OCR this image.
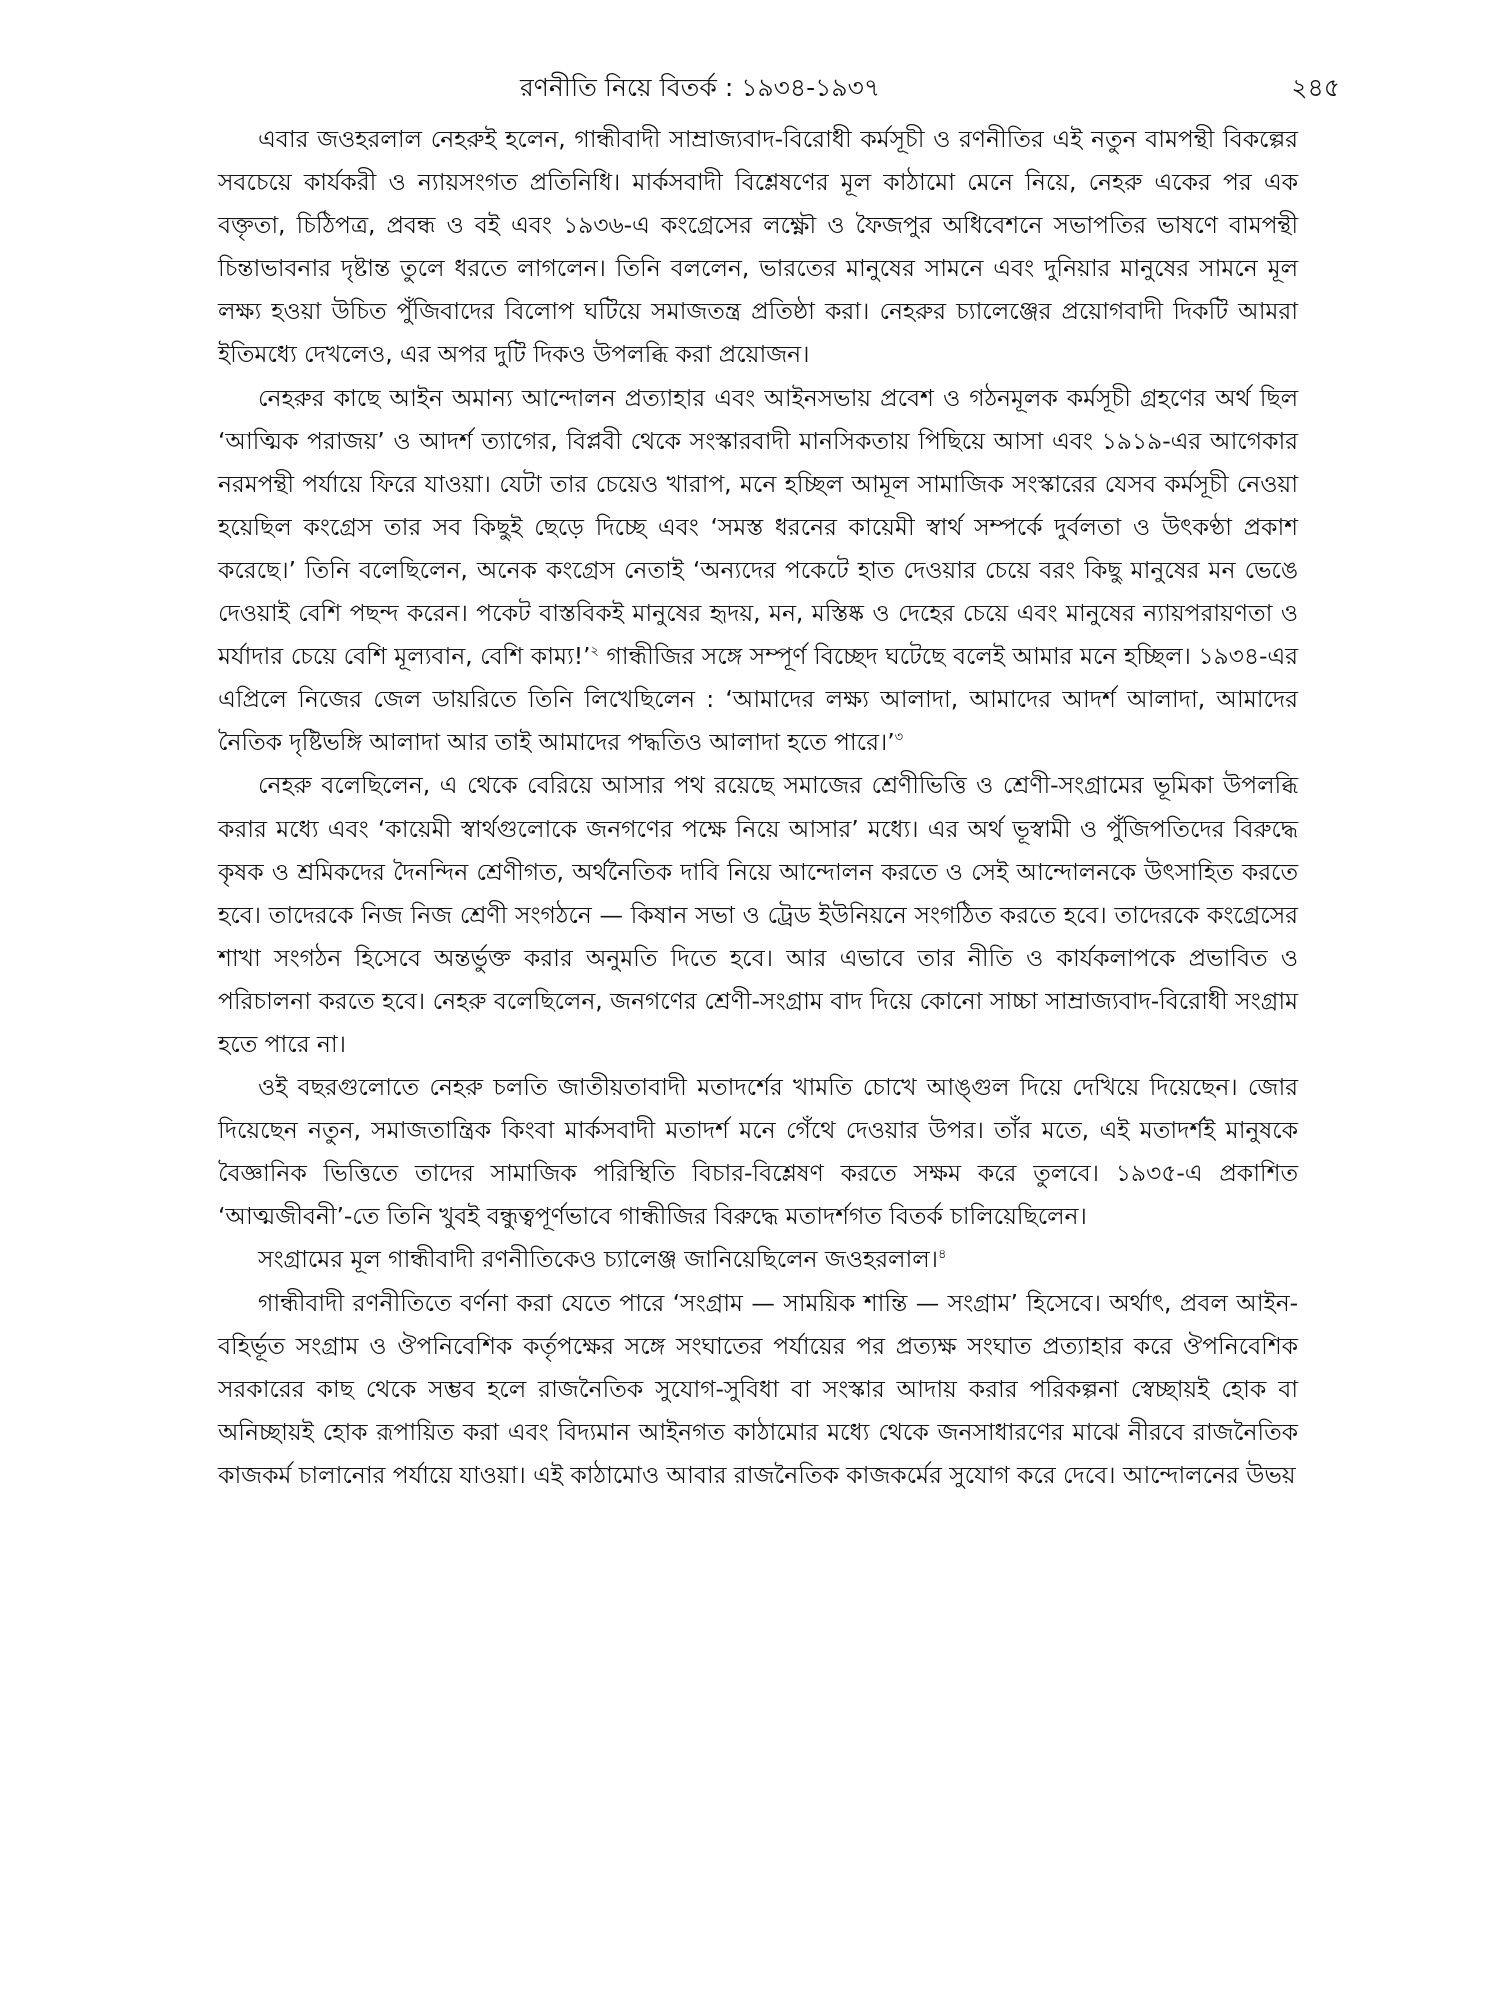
রণনীতি নিয়ে বিতর্ক : ১৯৩৪-১৯৩৭	২৪৫

এবার জওহরলাল নেহরুই হলেন, গান্ধীবাদী সাম্রাজ্যবাদ-বিরোধী কর্মসূচী ও রণনীতির এই নতুন বামপন্থী বিকল্পের সবচেয়ে কার্যকরী ও ন্যায়সংগত প্রতিনিধি। মার্কসবাদী বিশ্লেষণের মূল কাঠামো মেনে নিয়ে, নেহরু একের পর এক বক্তৃতা, চিঠিপত্র, প্রবন্ধ ও বই এবং ১৯৩৬-এ কংগ্রেসের লক্ষ্ণৌ ও ফৈজপুর অধিবেশনে সভাপতির ভাষণে বামপন্থী চিন্তাভাবনার দৃষ্টান্ত তুলে ধরতে লাগলেন। তিনি বললেন, ভারতের মানুষের সামনে এবং দুনিয়ার মানুষের সামনে মূল লক্ষ্য হওয়া উচিত পুঁজিবাদের বিলোপ ঘটিয়ে সমাজতন্ত্র প্রতিষ্ঠা করা। নেহরুর চ্যালেঞ্জের প্রয়োগবাদী দিকটি আমরা ইতিমধ্যে দেখলেও, এর অপর দুটি দিকও উপলব্ধি করা প্রয়োজন।

নেহরুর কাছে আইন অমান্য আন্দোলন প্রত্যাহার এবং আইনসভায় প্রবেশ ও গঠনমূলক কর্মসূচী গ্রহণের অর্থ ছিল ‘আত্মিক পরাজয়’ ও আদর্শ ত্যাগের, বিপ্লবী থেকে সংস্কারবাদী মানসিকতায় পিছিয়ে আসা এবং ১৯১৯-এর আগেকার নরমপন্থী পর্যায়ে ফিরে যাওয়া। যেটা তার চেয়েও খারাপ, মনে হচ্ছিল আমূল সামাজিক সংস্কারের যেসব কর্মসূচী নেওয়া হয়েছিল কংগ্রেস তার সব কিছুই ছেড়ে দিচ্ছে এবং ‘সমস্ত ধরনের কায়েমী স্বার্থ সম্পর্কে দুর্বলতা ও উৎকণ্ঠা প্রকাশ করেছে।’ তিনি বলেছিলেন, অনেক কংগ্রেস নেতাই ‘অন্যদের পকেটে হাত দেওয়ার চেয়ে বরং কিছু মানুষের মন ভেঙে দেওয়াই বেশি পছন্দ করেন। পকেট বাস্তবিকই মানুষের হৃদয়, মন, মস্তিষ্ক ও দেহের চেয়ে এবং মানুষের ন্যায়পরায়ণতা ও মর্যাদার চেয়ে বেশি মূল্যবান, বেশি কাম্য!’$^২$ গান্ধীজির সঙ্গে সম্পূর্ণ বিচ্ছেদ ঘটেছে বলেই আমার মনে হচ্ছিল। ১৯৩৪-এর এপ্রিলে নিজের জেল ডায়রিতে তিনি লিখেছিলেন : ‘আমাদের লক্ষ্য আলাদা, আমাদের আদর্শ আলাদা, আমাদের নৈতিক দৃষ্টিভঙ্গি আলাদা আর তাই আমাদের পদ্ধতিও আলাদা হতে পারে।’$^৩$

নেহরু বলেছিলেন, এ থেকে বেরিয়ে আসার পথ রয়েছে সমাজের শ্রেণীভিত্তি ও শ্রেণী-সংগ্রামের ভূমিকা উপলব্ধি করার মধ্যে এবং ‘কায়েমী স্বার্থগুলোকে জনগণের পক্ষে নিয়ে আসার’ মধ্যে। এর অর্থ ভূস্বামী ও পুঁজিপতিদের বিরুদ্ধে কৃষক ও শ্রমিকদের দৈনন্দিন শ্রেণীগত, অর্থনৈতিক দাবি নিয়ে আন্দোলন করতে ও সেই আন্দোলনকে উৎসাহিত করতে হবে। তাদেরকে নিজ নিজ শ্রেণী সংগঠনে — কিষান সভা ও ট্রেড ইউনিয়নে সংগঠিত করতে হবে। তাদেরকে কংগ্রেসের শাখা সংগঠন হিসেবে অন্তর্ভুক্ত করার অনুমতি দিতে হবে। আর এভাবে তার নীতি ও কার্যকলাপকে প্রভাবিত ও পরিচালনা করতে হবে। নেহরু বলেছিলেন, জনগণের শ্রেণী-সংগ্রাম বাদ দিয়ে কোনো সাচ্চা সাম্রাজ্যবাদ-বিরোধী সংগ্রাম হতে পারে না।

ওই বছরগুলোতে নেহরু চলতি জাতীয়তাবাদী মতাদর্শের খামতি চোখে আঙ্গুল দিয়ে দেখিয়ে দিয়েছেন। জোর দিয়েছেন নতুন, সমাজতান্ত্রিক কিংবা মার্কসবাদী মতাদর্শ মনে গেঁথে দেওয়ার উপর। তাঁর মতে, এই মতাদর্শই মানুষকে বৈজ্ঞানিক ভিত্তিতে তাদের সামাজিক পরিস্থিতি বিচার-বিশ্লেষণ করতে সক্ষম করে তুলবে। ১৯৩৫-এ প্রকাশিত ‘আত্মজীবনী’-তে তিনি খুবই বন্ধুত্বপূর্ণভাবে গান্ধীজির বিরুদ্ধে মতাদর্শগত বিতর্ক চালিয়েছিলেন।

সংগ্রামের মূল গান্ধীবাদী রণনীতিকেও চ্যালেঞ্জ জানিয়েছিলেন জওহরলাল।$^৪$

গান্ধীবাদী রণনীতিতে বর্ণনা করা যেতে পারে ‘সংগ্রাম — সাময়িক শান্তি — সংগ্রাম’ হিসেবে। অর্থাৎ, প্রবল আইন-বহির্ভূত সংগ্রাম ও ঔপনিবেশিক কর্তৃপক্ষের সঙ্গে সংঘাতের পর্যায়ের পর প্রত্যক্ষ সংঘাত প্রত্যাহার করে ঔপনিবেশিক সরকারের কাছ থেকে সম্ভব হলে রাজনৈতিক সুযোগ-সুবিধা বা সংস্কার আদায় করার পরিকল্পনা স্বেচ্ছায়ই হোক বা অনিচ্ছায়ই হোক রূপায়িত করা এবং বিদ্যমান আইনগত কাঠামোর মধ্যে থেকে জনসাধারণের মাঝে নীরবে রাজনৈতিক কাজকর্ম চালানোর পর্যায়ে যাওয়া। এই কাঠামোও আবার রাজনৈতিক কাজকর্মের সুযোগ করে দেবে। আন্দোলনের উভয়
